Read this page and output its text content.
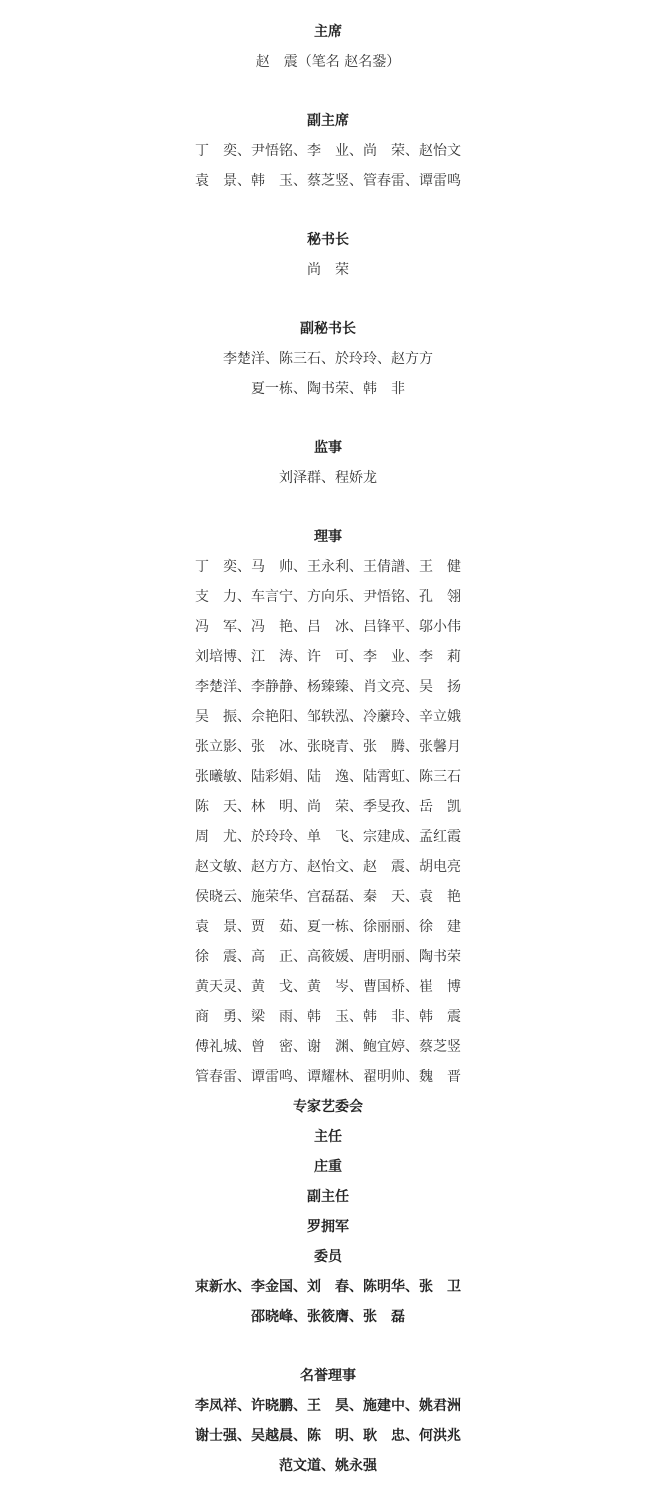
主席
赵　震（笔名 赵名銎）
副主席
丁　奕、尹悟铭、李　业、尚　荣、赵怡文
袁　景、韩　玉、蔡芝竖、管春雷、谭雷鸣
秘书长
尚　荣
副秘书长
李楚洋、陈三石、於玲玲、赵方方
夏一栋、陶书荣、韩　非
监事
刘泽群、程娇龙
理事
丁　奕、马　帅、王永利、王倩譜、王　健
支　力、车言宁、方向乐、尹悟铭、孔　翎
冯　军、冯　艳、吕　冰、吕锋平、邬小伟
刘培博、江　涛、许　可、李　业、李　莉
李楚洋、李静静、杨臻臻、肖文亮、吴　扬
吴　振、佘艳阳、邹轶泓、冷䕷玲、辛立娥
张立影、张　冰、张晓青、张　腾、张馨月
张曦敏、陆彩娟、陆　逸、陆霄虹、陈三石
陈　天、林　明、尚　荣、季旻孜、岳　凯
周　尤、於玲玲、单　飞、宗建成、孟红霞
赵文敏、赵方方、赵怡文、赵　震、胡电亮
侯晓云、施荣华、宫磊磊、秦　天、袁　艳
袁　景、贾　茹、夏一栋、徐丽丽、徐　建
徐　震、高　正、高筱媛、唐明丽、陶书荣
黄天灵、黄　戈、黄　岑、曹国桥、崔　博
商　勇、梁　雨、韩　玉、韩　非、韩　震
傅礼城、曾　密、谢　渊、鲍宜婷、蔡芝竖
管春雷、谭雷鸣、谭耀林、翟明帅、魏　晋
专家艺委会
主任
庄重
副主任
罗拥军
委员
束新水、李金国、刘　春、陈明华、张　卫
邵晓峰、张筱膺、张　磊
名誉理事
李凤祥、许晓鹏、王　昊、施建中、姚君洲
谢士强、吴越晨、陈　明、耿　忠、何洪兆
范文道、姚永强
